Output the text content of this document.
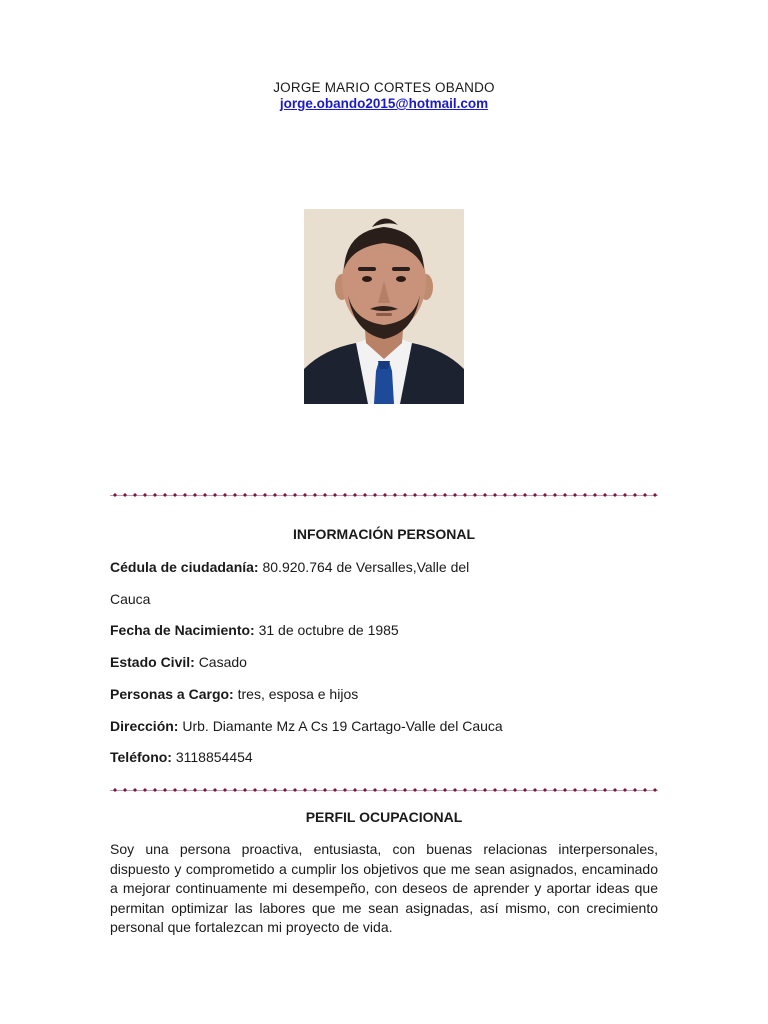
JORGE MARIO CORTES OBANDO
jorge.obando2015@hotmail.com
INFORMACIÓN PERSONAL
Cédula de ciudadanía: 80.920.764 de Versalles,Valle del
Cauca
Fecha de Nacimiento: 31 de octubre de 1985
Estado Civil: Casado
Personas a Cargo: tres, esposa e hijos
Dirección: Urb. Diamante Mz A Cs 19 Cartago-Valle del Cauca
Teléfono: 3118854454
PERFIL OCUPACIONAL
Soy una persona proactiva, entusiasta, con buenas relacionas interpersonales, dispuesto y comprometido a cumplir los objetivos que me sean asignados, encaminado a mejorar continuamente mi desempeño, con deseos de aprender y aportar ideas que permitan optimizar las labores que me sean asignadas, así mismo, con crecimiento personal que fortalezcan mi proyecto de vida.
